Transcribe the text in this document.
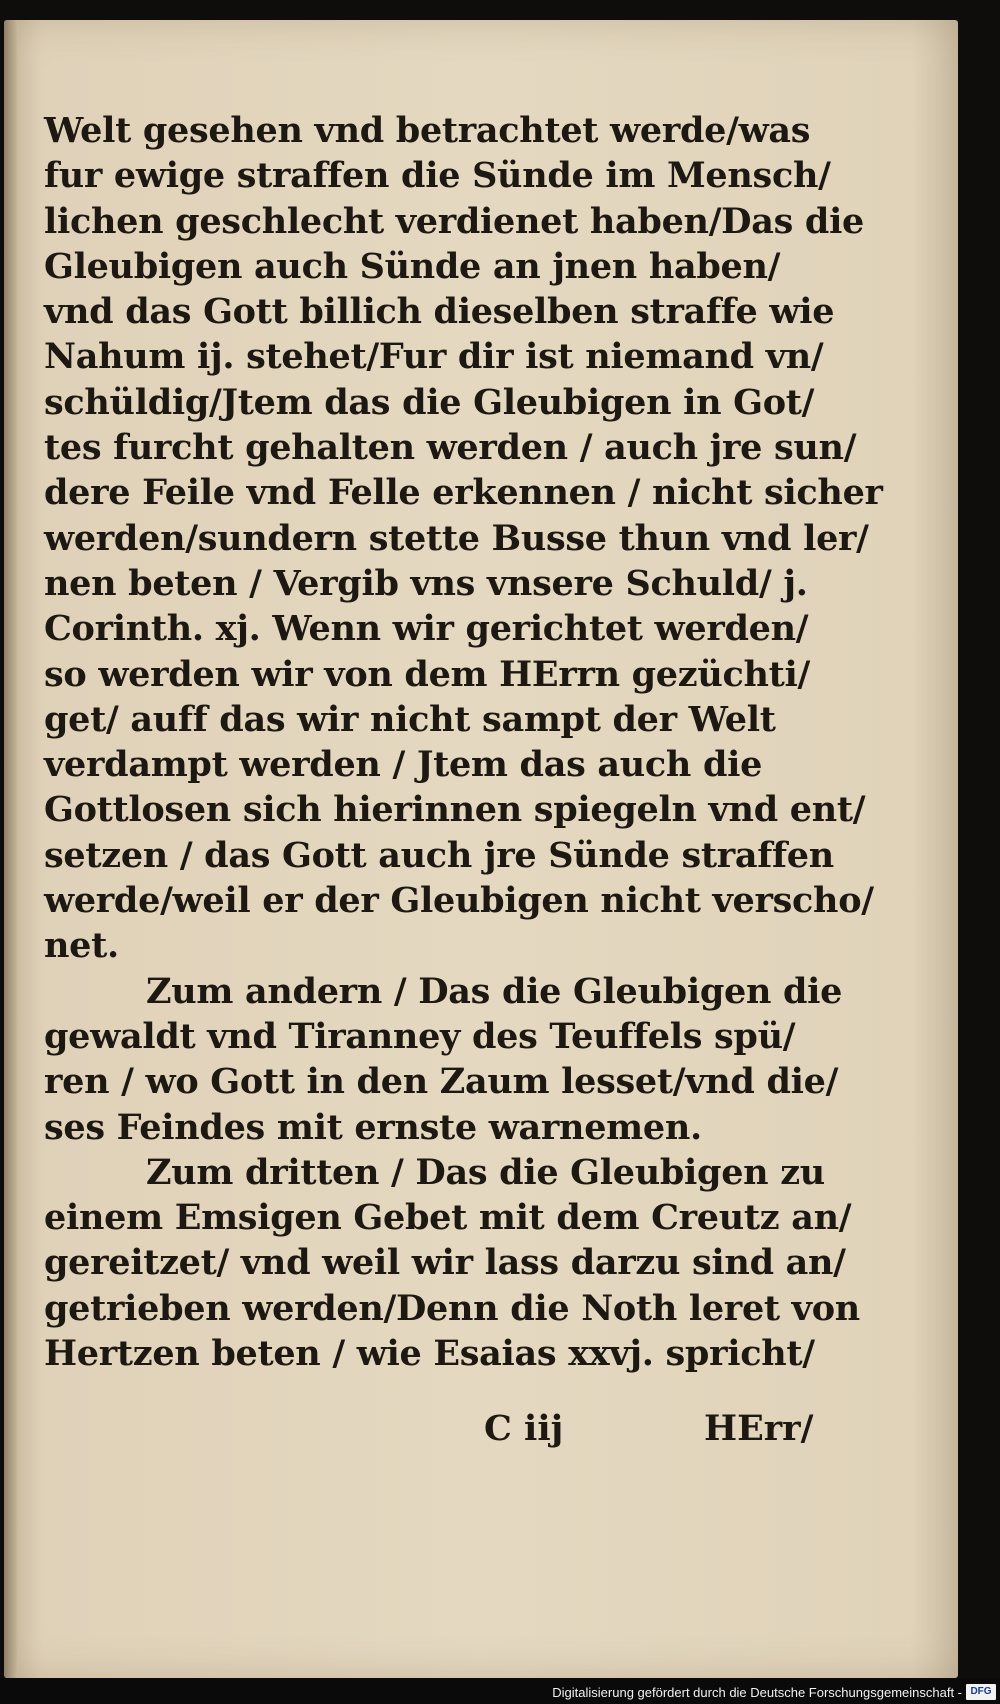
Welt gesehen vnd betrachtet werde/was
fur ewige straffen die Sünde im Mensch/
lichen geschlecht verdienet haben/Das die
Gleubigen auch Sünde an jnen haben/
vnd das Gott billich dieselben straffe wie
Nahum ij. stehet/Fur dir ist niemand vn/
schüldig/Jtem das die Gleubigen in Got/
tes furcht gehalten werden / auch jre sun/
dere Feile vnd Felle erkennen / nicht sicher
werden/sundern stette Busse thun vnd ler/
nen beten / Vergib vns vnsere Schuld/ j.
Corinth. xj. Wenn wir gerichtet werden/
so werden wir von dem HErrn gezüchti/
get/ auff das wir nicht sampt der Welt
verdampt werden / Jtem das auch die
Gottlosen sich hierinnen spiegeln vnd ent/
setzen / das Gott auch jre Sünde straffen
werde/weil er der Gleubigen nicht verscho/
net.
Zum andern / Das die Gleubigen die
gewaldt vnd Tiranney des Teuffels spü/
ren / wo Gott in den Zaum lesset/vnd die/
ses Feindes mit ernste warnemen.
Zum dritten / Das die Gleubigen zu
einem Emsigen Gebet mit dem Creutz an/
gereitzet/ vnd weil wir lass darzu sind an/
getrieben werden/Denn die Noth leret von
Hertzen beten / wie Esaias xxvj. spricht/
C iij	HErr/
Digitalisierung gefördert durch die Deutsche Forschungsgemeinschaft - DFG
